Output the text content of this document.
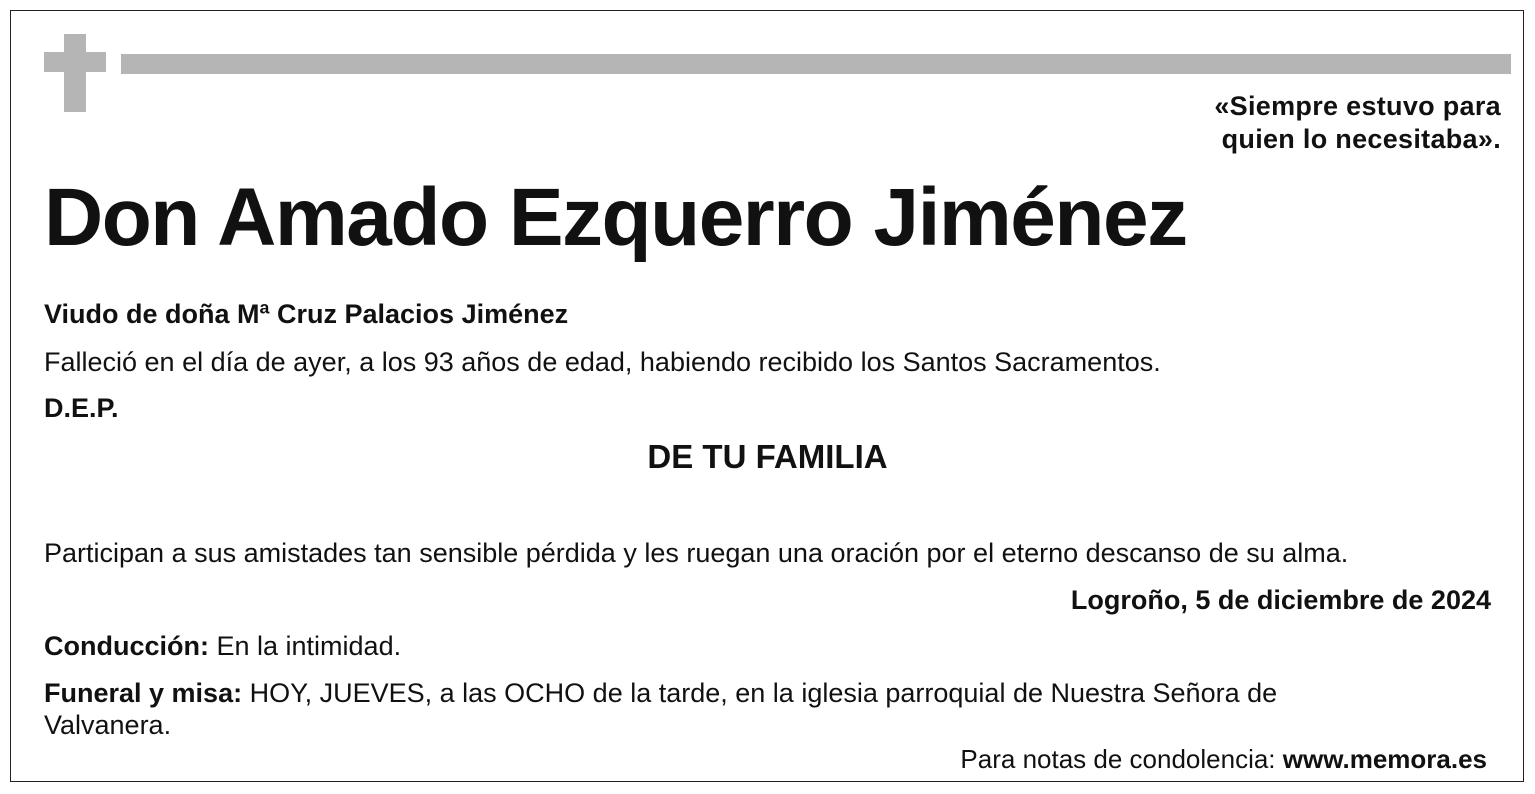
«Siempre estuvo para
quien lo necesitaba».
Don Amado Ezquerro Jiménez
Viudo de doña Mª Cruz Palacios Jiménez
Falleció en el día de ayer, a los 93 años de edad, habiendo recibido los Santos Sacramentos.
D.E.P.
DE TU FAMILIA
Participan a sus amistades tan sensible pérdida y les ruegan una oración por el eterno descanso de su alma.
Logroño, 5 de diciembre de 2024
Conducción: En la intimidad.
Funeral y misa: HOY, JUEVES, a las OCHO de la tarde, en la iglesia parroquial de Nuestra Señora de Valvanera.
Para notas de condolencia: www.memora.es
